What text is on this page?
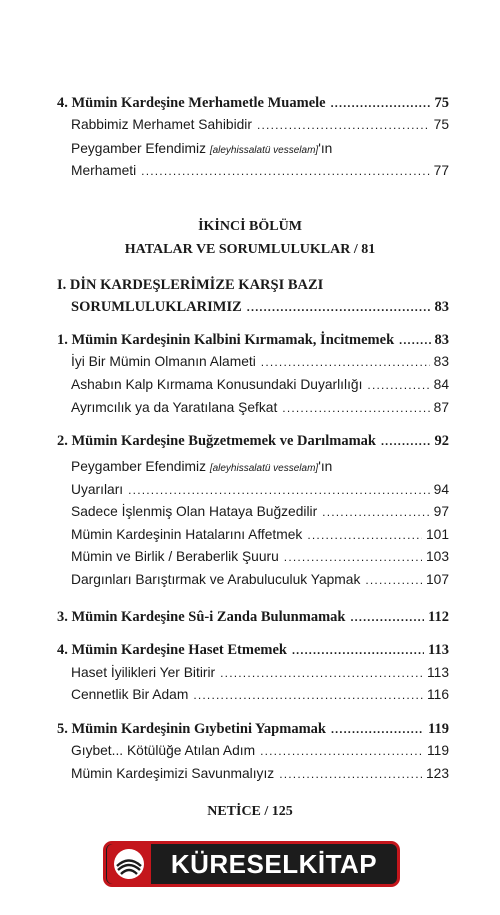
4. Mümin Kardeşine Merhametle Muamele .....	75
Rabbimiz Merhamet Sahibidir .....	75
Peygamber Efendimiz [aleyhissalatü vesselam]'ın
Merhameti .....	77
İKİNCİ BÖLÜM
HATALAR VE SORUMLULUKLAR / 81
I. DİN KARDEŞLERİMİZE KARŞI BAZI
SORUMLULUKLARIMIZ .....	83
1. Mümin Kardeşinin Kalbini Kırmamak, İncitmemek .....	83
İyi Bir Mümin Olmanın Alameti .....	83
Ashabın Kalp Kırmama Konusundaki Duyarlılığı .....	84
Ayrımcılık ya da Yaratılana Şefkat .....	87
2. Mümin Kardeşine Buğzetmemek ve Darılmamak .....	92
Peygamber Efendimiz [aleyhissalatü vesselam]'ın
Uyarıları .....	94
Sadece İşlenmiş Olan Hataya Buğzedilir .....	97
Mümin Kardeşinin Hatalarını Affetmek .....	101
Mümin ve Birlik / Beraberlik Şuuru .....	103
Dargınları Barıştırmak ve Arabuluculuk Yapmak .....	107
3. Mümin Kardeşine Sû-i Zanda Bulunmamak .....	112
4. Mümin Kardeşine Haset Etmemek .....	113
Haset İyilikleri Yer Bitirir .....	113
Cennetlik Bir Adam .....	116
5. Mümin Kardeşinin Gıybetini Yapmamak .....	119
Gıybet... Kötülüğe Atılan Adım .....	119
Mümin Kardeşimizi Savunmalıyız .....	123
NETİCE / 125
KÜRESELKİTAP
